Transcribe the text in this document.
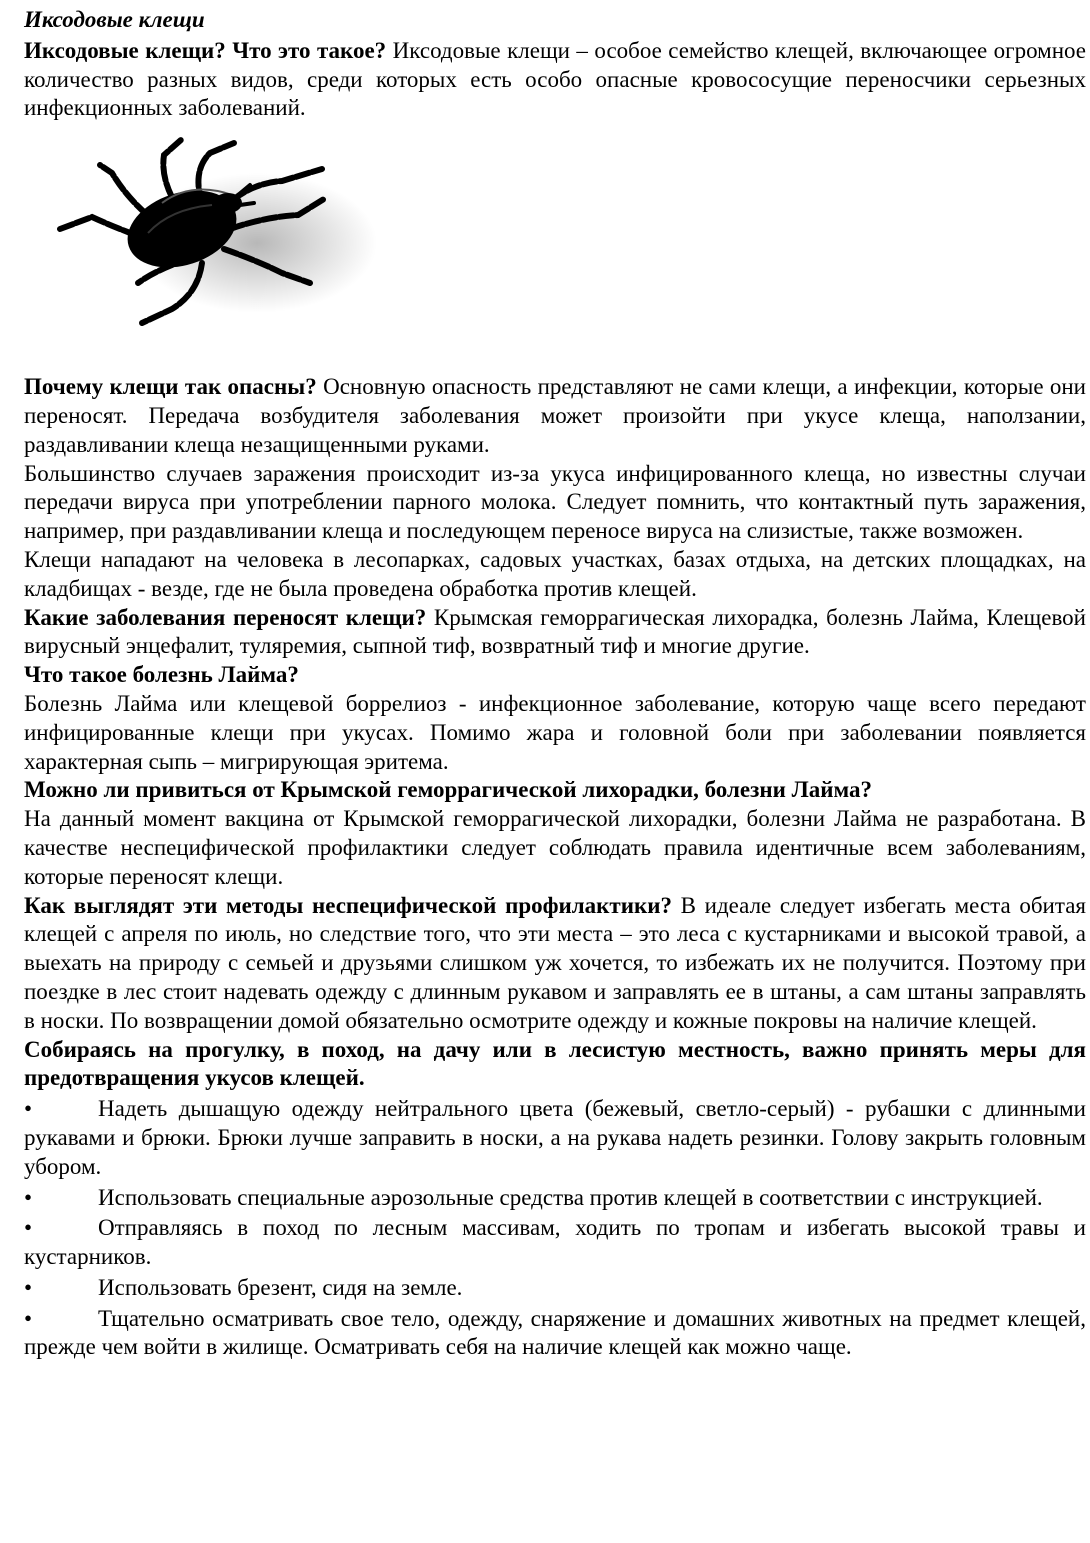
Иксодовые клещи

Иксодовые клещи? Что это такое? Иксодовые клещи – особое семейство клещей, включающее огромное количество разных видов, среди которых есть особо опасные кровососущие переносчики серьезных инфекционных заболеваний.

Почему клещи так опасны? Основную опасность представляют не сами клещи, а инфекции, которые они переносят. Передача возбудителя заболевания может произойти при укусе клеща, наползании, раздавливании клеща незащищенными руками.

Большинство случаев заражения происходит из-за укуса инфицированного клеща, но известны случаи передачи вируса при употреблении парного молока. Следует помнить, что контактный путь заражения, например, при раздавливании клеща и последующем переносе вируса на слизистые, также возможен.

Клещи нападают на человека в лесопарках, садовых участках, базах отдыха, на детских площадках, на кладбищах - везде, где не была проведена обработка против клещей.

Какие заболевания переносят клещи? Крымская геморрагическая лихорадка, болезнь Лайма, Клещевой вирусный энцефалит, туляремия, сыпной тиф, возвратный тиф и многие другие.

Что такое болезнь Лайма?

Болезнь Лайма или клещевой боррелиоз - инфекционное заболевание, которую чаще всего передают инфицированные клещи при укусах. Помимо жара и головной боли при заболевании появляется характерная сыпь – мигрирующая эритема.

Можно ли привиться от Крымской геморрагической лихорадки, болезни Лайма?

На данный момент вакцина от Крымской геморрагической лихорадки, болезни Лайма не разработана. В качестве неспецифической профилактики следует соблюдать правила идентичные всем заболеваниям, которые переносят клещи.

Как выглядят эти методы неспецифической профилактики? В идеале следует избегать места обитая клещей с апреля по июль, но следствие того, что эти места – это леса с кустарниками и высокой травой, а выехать на природу с семьей и друзьями слишком уж хочется, то избежать их не получится. Поэтому при поездке в лес стоит надевать одежду с длинным рукавом и заправлять ее в штаны, а сам штаны заправлять в носки. По возвращении домой обязательно осмотрите одежду и кожные покровы на наличие клещей.

Собираясь на прогулку, в поход, на дачу или в лесистую местность, важно принять меры для предотвращения укусов клещей.

•	Надеть дышащую одежду нейтрального цвета (бежевый, светло-серый) - рубашки с длинными рукавами и брюки. Брюки лучше заправить в носки, а на рукава надеть резинки. Голову закрыть головным убором.

•	Использовать специальные аэрозольные средства против клещей в соответствии с инструкцией.

•	Отправляясь в поход по лесным массивам, ходить по тропам и избегать высокой травы и кустарников.

•	Использовать брезент, сидя на земле.

•	Тщательно осматривать свое тело, одежду, снаряжение и домашних животных на предмет клещей, прежде чем войти в жилище. Осматривать себя на наличие клещей как можно чаще.
